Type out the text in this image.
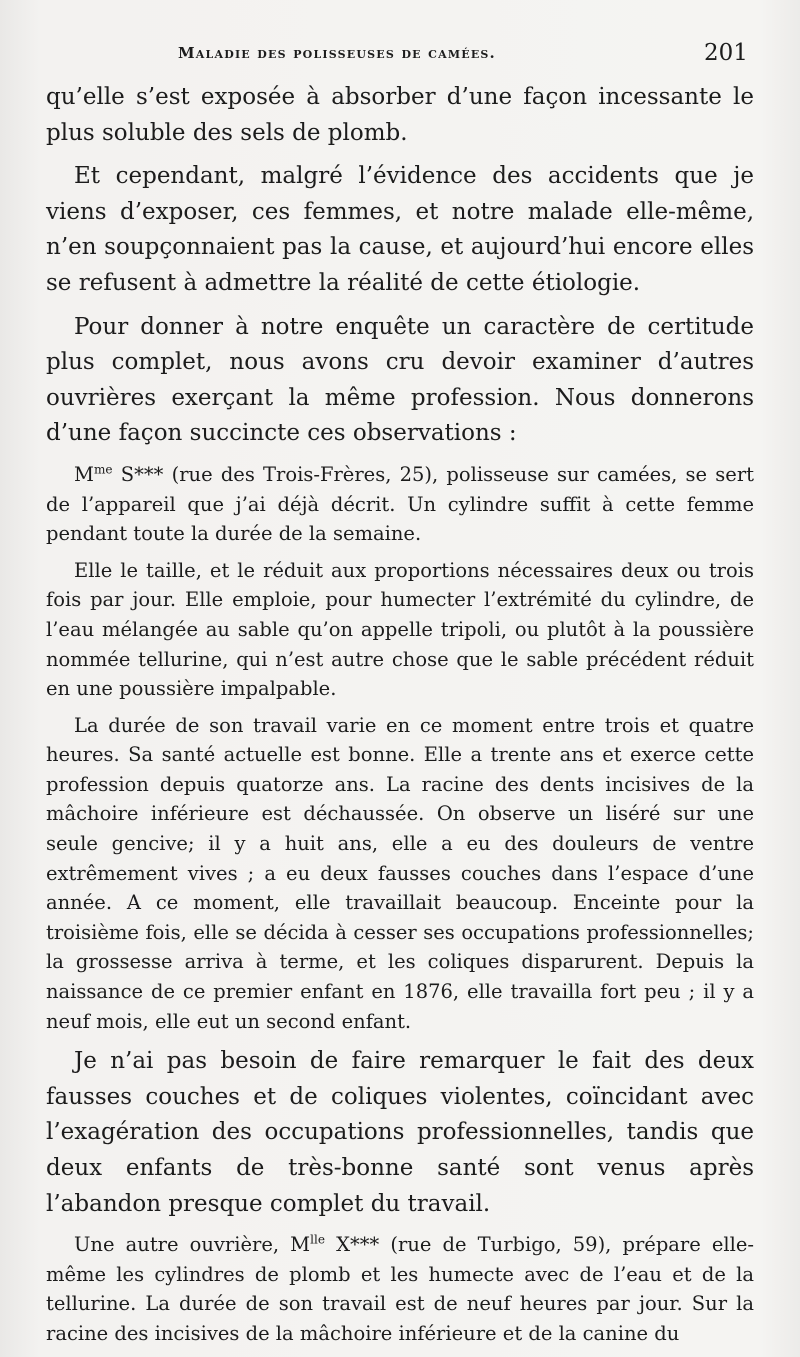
Maladie des polisseuses de camées.	201

qu’elle s’est exposée à absorber d’une façon incessante le plus soluble des sels de plomb.

Et cependant, malgré l’évidence des accidents que je viens d’exposer, ces femmes, et notre malade elle-même, n’en soupçonnaient pas la cause, et aujourd’hui encore elles se refusent à admettre la réalité de cette étiologie.

Pour donner à notre enquête un caractère de certitude plus complet, nous avons cru devoir examiner d’autres ouvrières exerçant la même profession. Nous donnerons d’une façon succincte ces observations :

$M^{me}$ S*** (rue des Trois-Frères, 25), polisseuse sur camées, se sert de l’appareil que j’ai déjà décrit. Un cylindre suffit à cette femme pendant toute la durée de la semaine.

Elle le taille, et le réduit aux proportions nécessaires deux ou trois fois par jour. Elle emploie, pour humecter l’extrémité du cylindre, de l’eau mélangée au sable qu’on appelle tripoli, ou plutôt à la poussière nommée tellurine, qui n’est autre chose que le sable précédent réduit en une poussière impalpable.

La durée de son travail varie en ce moment entre trois et quatre heures. Sa santé actuelle est bonne. Elle a trente ans et exerce cette profession depuis quatorze ans. La racine des dents incisives de la mâchoire inférieure est déchaussée. On observe un liséré sur une seule gencive; il y a huit ans, elle a eu des douleurs de ventre extrêmement vives ; a eu deux fausses couches dans l’espace d’une année. A ce moment, elle travaillait beaucoup. Enceinte pour la troisième fois, elle se décida à cesser ses occupations professionnelles; la grossesse arriva à terme, et les coliques disparurent. Depuis la naissance de ce premier enfant en 1876, elle travailla fort peu ; il y a neuf mois, elle eut un second enfant.

Je n’ai pas besoin de faire remarquer le fait des deux fausses couches et de coliques violentes, coïncidant avec l’exagération des occupations professionnelles, tandis que deux enfants de très-bonne santé sont venus après l’abandon presque complet du travail.

Une autre ouvrière, $M^{lle}$ X*** (rue de Turbigo, 59), prépare elle-même les cylindres de plomb et les humecte avec de l’eau et de la tellurine. La durée de son travail est de neuf heures par jour. Sur la racine des incisives de la mâchoire inférieure et de la canine du
